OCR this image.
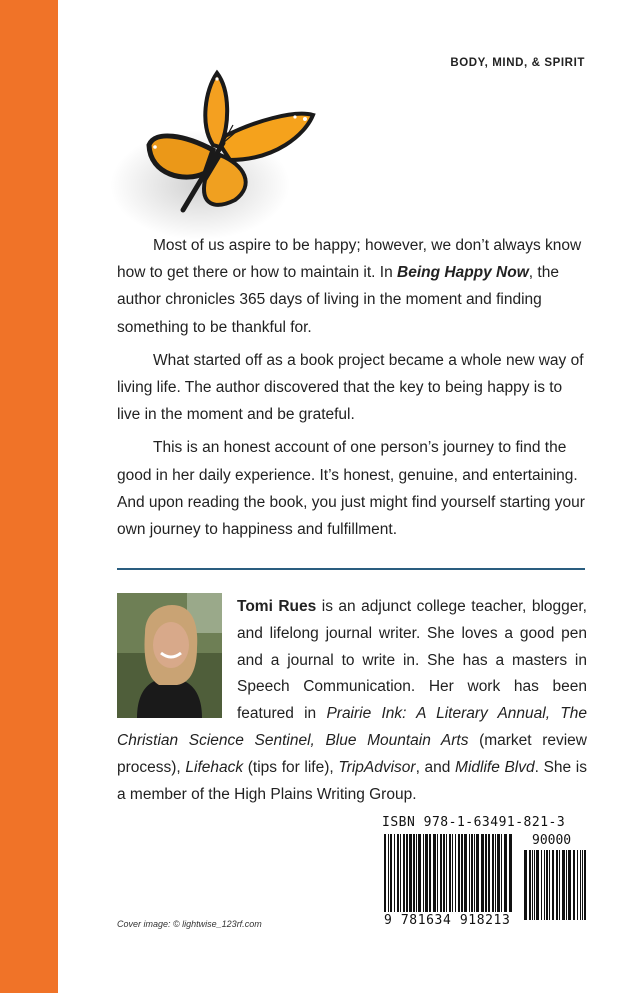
BODY, MIND, & SPIRIT

Most of us aspire to be happy; however, we don’t always know how to get there or how to maintain it. In Being Happy Now, the author chronicles 365 days of living in the moment and finding something to be thankful for.

What started off as a book project became a whole new way of living life. The author discovered that the key to being happy is to live in the moment and be grateful.

This is an honest account of one person’s journey to find the good in her daily experience. It’s honest, genuine, and entertaining. And upon reading the book, you just might find yourself starting your own journey to happiness and fulfillment.

Tomi Rues is an adjunct college teacher, blogger, and lifelong journal writer. She loves a good pen and a journal to write in. She has a masters in Speech Communication. Her work has been featured in Prairie Ink: A Literary Annual, The Christian Science Sentinel, Blue Mountain Arts (market review process), Lifehack (tips for life), TripAdvisor, and Midlife Blvd. She is a member of the High Plains Writing Group.
Cover image: © lightwise_123rf.com
ISBN 978-1-63491-821-3
90000
9 781634 918213
